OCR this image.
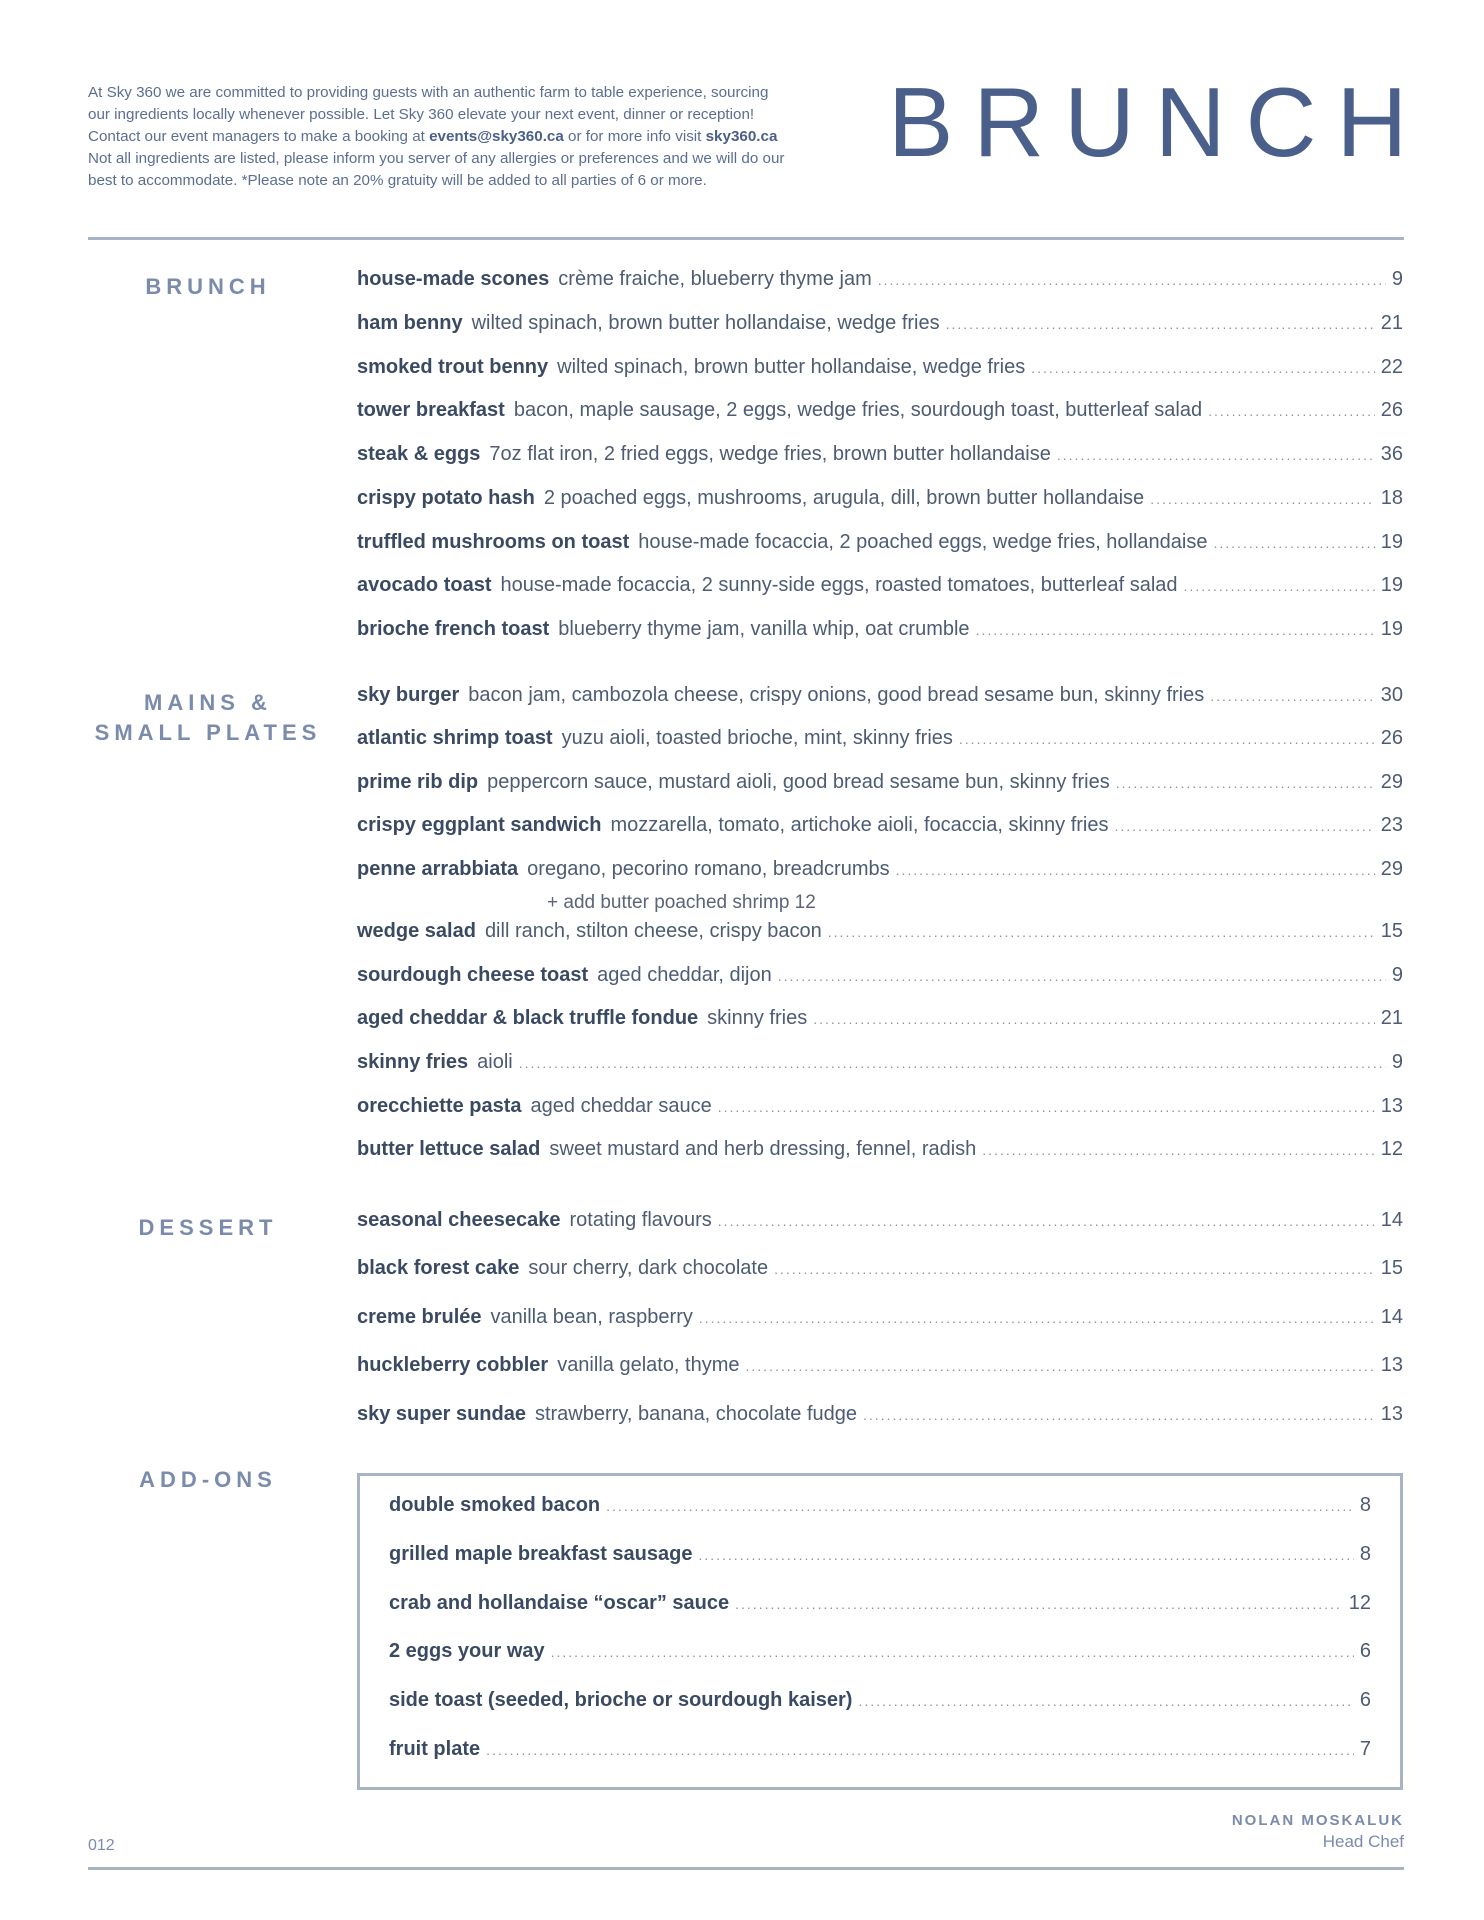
At Sky 360 we are committed to providing guests with an authentic farm to table experience, sourcing
our ingredients locally whenever possible. Let Sky 360 elevate your next event, dinner or reception!
Contact our event managers to make a booking at events@sky360.ca or for more info visit sky360.ca
Not all ingredients are listed, please inform you server of any allergies or preferences and we will do our
best to accommodate. *Please note an 20% gratuity will be added to all parties of 6 or more.
BRUNCH
BRUNCH	house-made scones crème fraiche, blueberry thyme jam .....	9
ham benny wilted spinach, brown butter hollandaise, wedge fries .....	21
smoked trout benny wilted spinach, brown butter hollandaise, wedge fries .....	22
tower breakfast bacon, maple sausage, 2 eggs, wedge fries, sourdough toast, butterleaf salad .....	26
steak & eggs 7oz flat iron, 2 fried eggs, wedge fries, brown butter hollandaise .....	36
crispy potato hash 2 poached eggs, mushrooms, arugula, dill, brown butter hollandaise .....	18
truffled mushrooms on toast house-made focaccia, 2 poached eggs, wedge fries, hollandaise .....	19
avocado toast house-made focaccia, 2 sunny-side eggs, roasted tomatoes, butterleaf salad .....	19
brioche french toast blueberry thyme jam, vanilla whip, oat crumble .....	19
MAINS &
SMALL PLATES
sky burger bacon jam, cambozola cheese, crispy onions, good bread sesame bun, skinny fries .....	30
atlantic shrimp toast yuzu aioli, toasted brioche, mint, skinny fries .....	26
prime rib dip peppercorn sauce, mustard aioli, good bread sesame bun, skinny fries .....	29
crispy eggplant sandwich mozzarella, tomato, artichoke aioli, focaccia, skinny fries .....	23
penne arrabbiata oregano, pecorino romano, breadcrumbs .....	29
+ add butter poached shrimp 12
wedge salad dill ranch, stilton cheese, crispy bacon .....	15
sourdough cheese toast aged cheddar, dijon .....	9
aged cheddar & black truffle fondue skinny fries .....	21
skinny fries aioli .....	9
orecchiette pasta aged cheddar sauce .....	13
butter lettuce salad sweet mustard and herb dressing, fennel, radish .....	12
DESSERT	seasonal cheesecake rotating flavours .....	14
black forest cake sour cherry, dark chocolate .....	15
creme brulée vanilla bean, raspberry .....	14
huckleberry cobbler vanilla gelato, thyme .....	13
sky super sundae strawberry, banana, chocolate fudge .....	13
ADD-ONS
double smoked bacon .....	8
grilled maple breakfast sausage .....	8
crab and hollandaise “oscar” sauce .....	12
2 eggs your way .....	6
side toast (seeded, brioche or sourdough kaiser) .....	6
fruit plate .....	7
012
NOLAN MOSKALUK
Head Chef
